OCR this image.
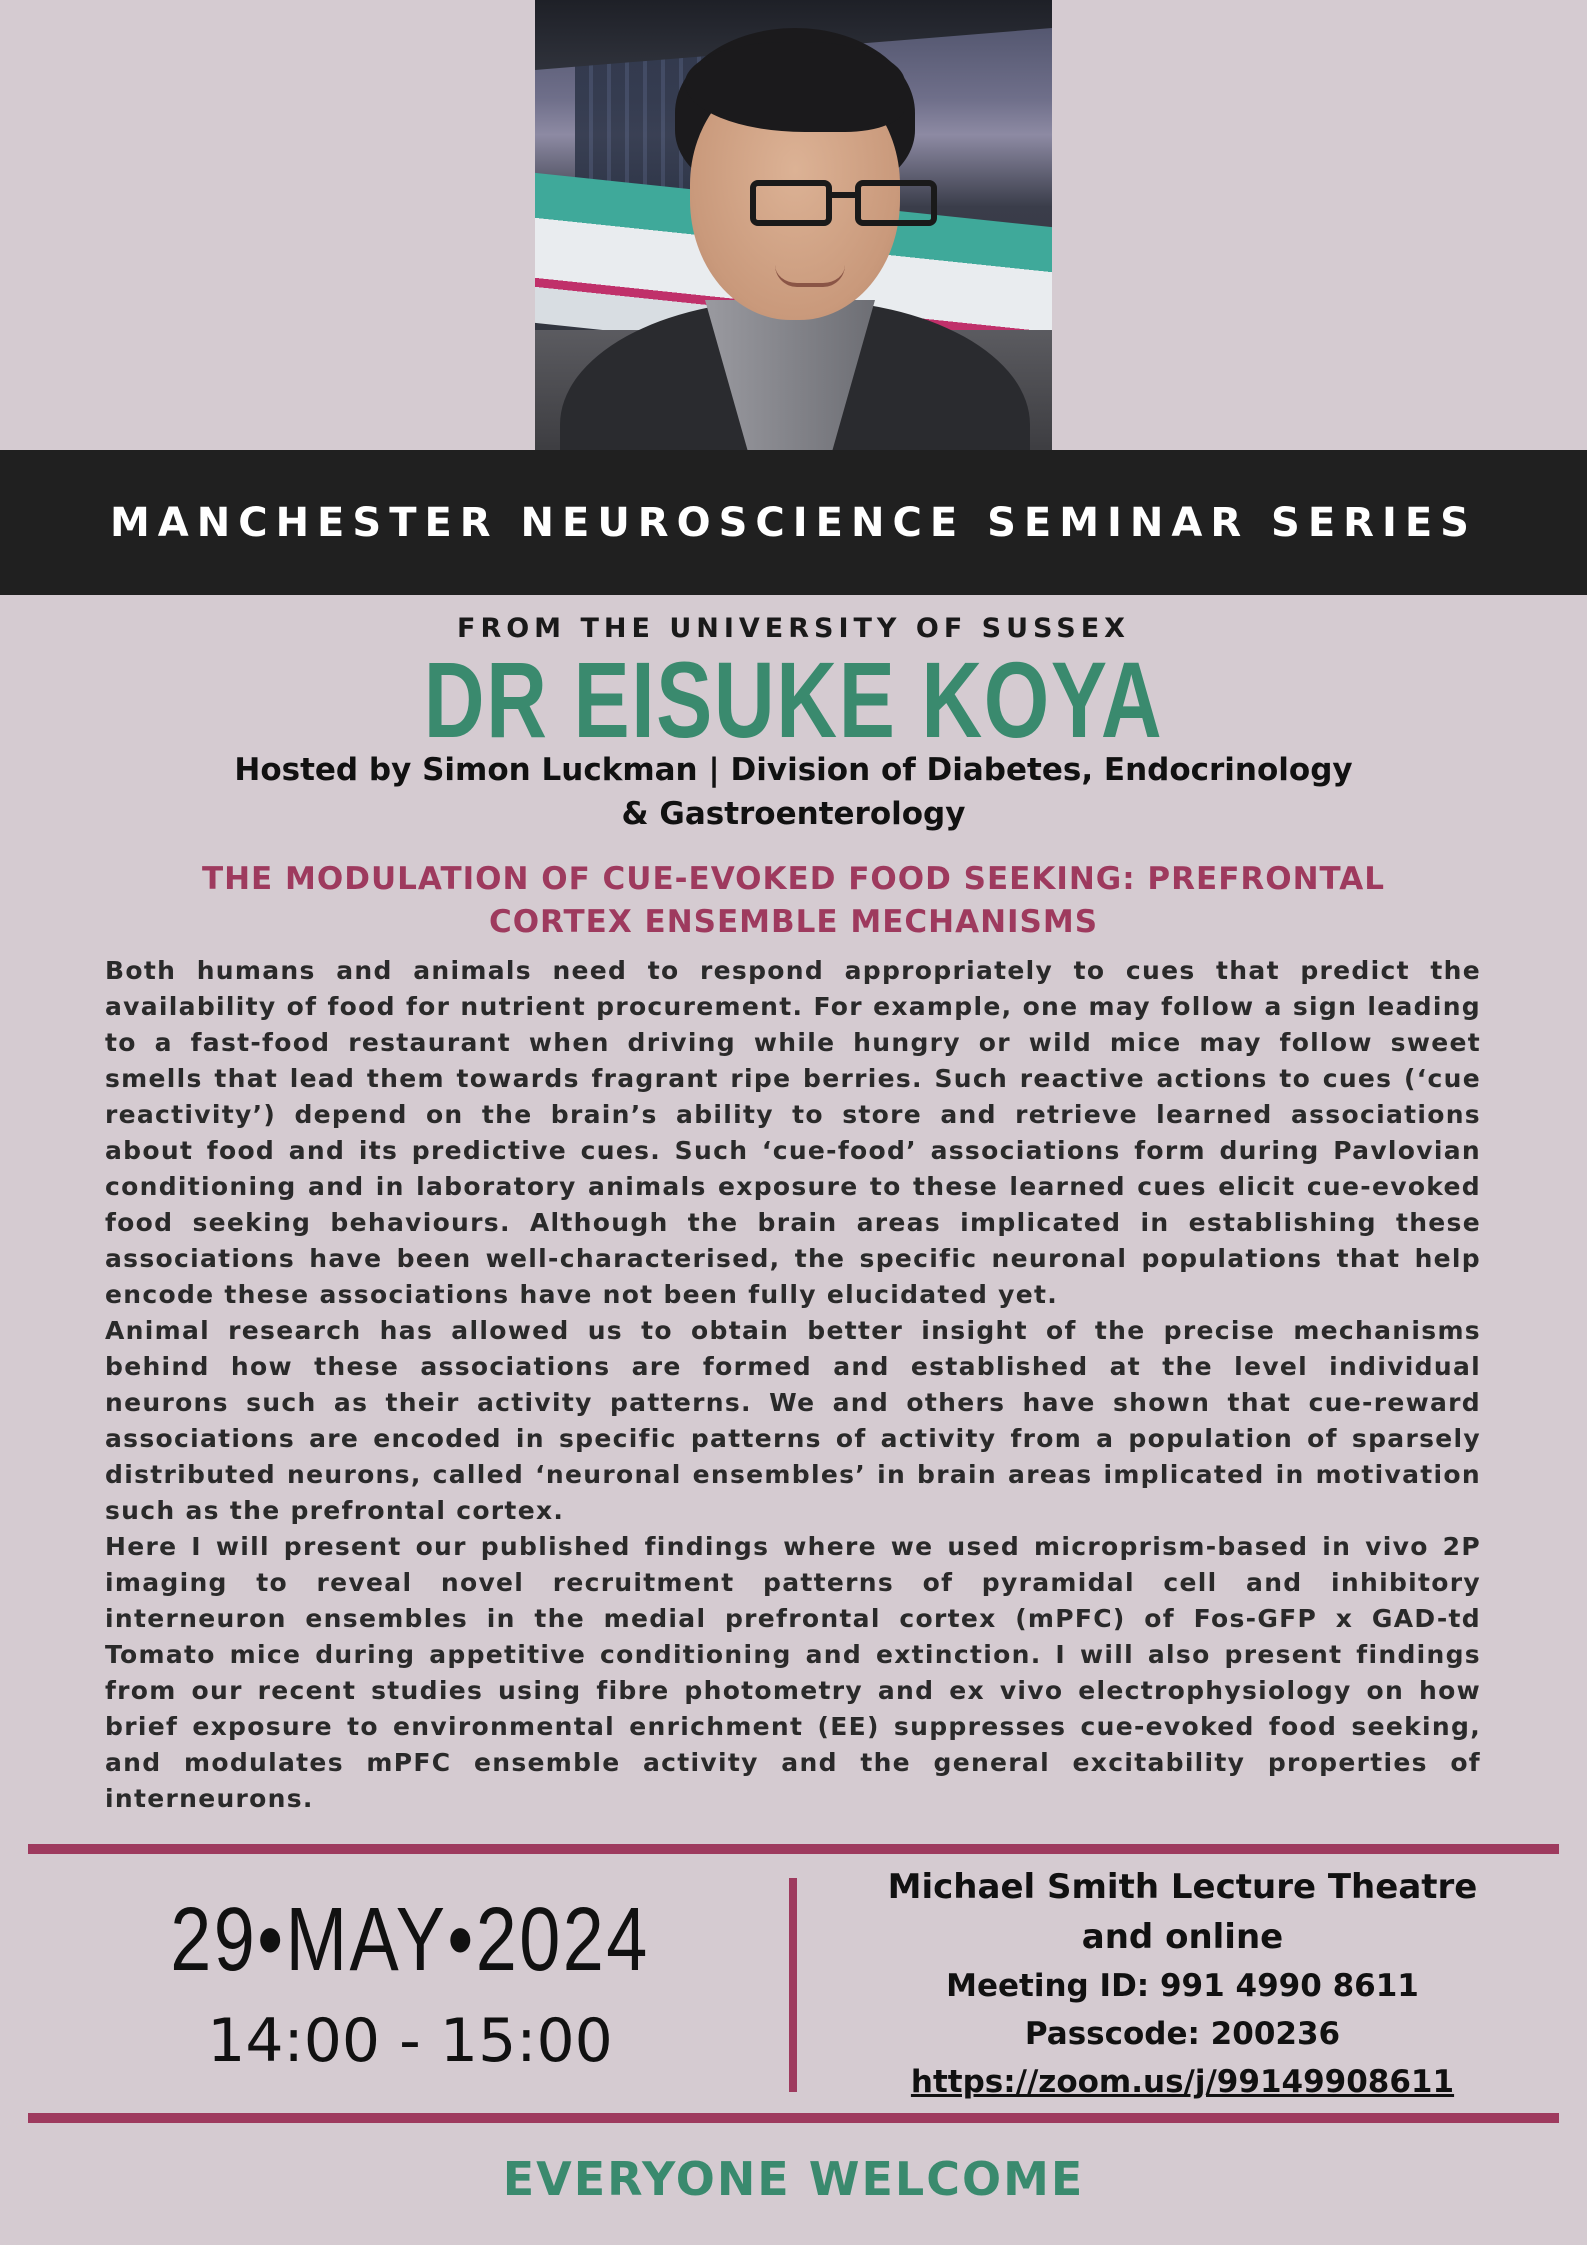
MANCHESTER NEUROSCIENCE SEMINAR SERIES
FROM THE UNIVERSITY OF SUSSEX
DR EISUKE KOYA
Hosted by Simon Luckman | Division of Diabetes, Endocrinology & Gastroenterology
THE MODULATION OF CUE-EVOKED FOOD SEEKING: PREFRONTAL CORTEX ENSEMBLE MECHANISMS

Both humans and animals need to respond appropriately to cues that predict the availability of food for nutrient procurement. For example, one may follow a sign leading to a fast-food restaurant when driving while hungry or wild mice may follow sweet smells that lead them towards fragrant ripe berries. Such reactive actions to cues (‘cue reactivity’) depend on the brain’s ability to store and retrieve learned associations about food and its predictive cues. Such ‘cue-food’ associations form during Pavlovian conditioning and in laboratory animals exposure to these learned cues elicit cue-evoked food seeking behaviours. Although the brain areas implicated in establishing these associations have been well-characterised, the specific neuronal populations that help encode these associations have not been fully elucidated yet.

Animal research has allowed us to obtain better insight of the precise mechanisms behind how these associations are formed and established at the level individual neurons such as their activity patterns. We and others have shown that cue-reward associations are encoded in specific patterns of activity from a population of sparsely distributed neurons, called ‘neuronal ensembles’ in brain areas implicated in motivation such as the prefrontal cortex.

Here I will present our published findings where we used microprism-based in vivo 2P imaging to reveal novel recruitment patterns of pyramidal cell and inhibitory interneuron ensembles in the medial prefrontal cortex (mPFC) of Fos-GFP x GAD-td Tomato mice during appetitive conditioning and extinction. I will also present findings from our recent studies using fibre photometry and ex vivo electrophysiology on how brief exposure to environmental enrichment (EE) suppresses cue-evoked food seeking, and modulates mPFC ensemble activity and the general excitability properties of interneurons.

29•MAY•2024
14:00 - 15:00
Michael Smith Lecture Theatre
and online
Meeting ID: 991 4990 8611
Passcode: 200236
https://zoom.us/j/99149908611
EVERYONE WELCOME
